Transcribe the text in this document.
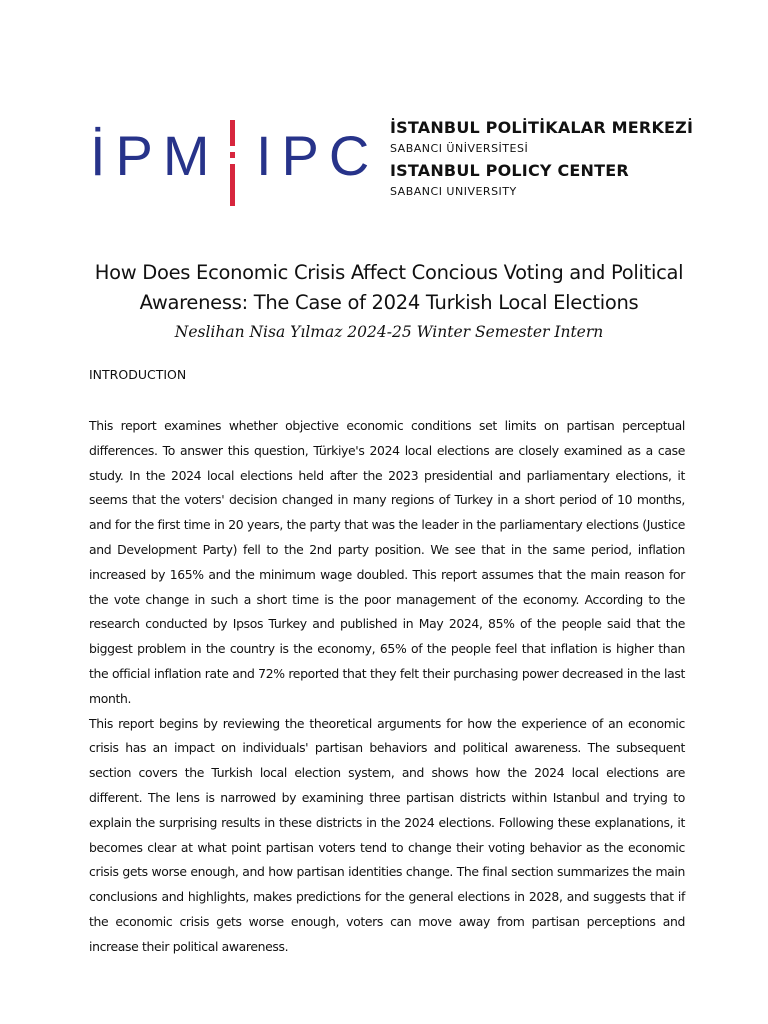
İPM IPC İSTANBUL POLİTİKALAR MERKEZİ
SABANCI ÜNİVERSİTESİ
ISTANBUL POLICY CENTER
SABANCI UNIVERSITY
How Does Economic Crisis Affect Concious Voting and Political Awareness: The Case of 2024 Turkish Local Elections
Neslihan Nisa Yılmaz 2024-25 Winter Semester Intern
INTRODUCTION

This report examines whether objective economic conditions set limits on partisan perceptual differences. To answer this question, Türkiye's 2024 local elections are closely examined as a case study. In the 2024 local elections held after the 2023 presidential and parliamentary elections, it seems that the voters' decision changed in many regions of Turkey in a short period of 10 months, and for the first time in 20 years, the party that was the leader in the parliamentary elections (Justice and Development Party) fell to the 2nd party position. We see that in the same period, inflation increased by 165% and the minimum wage doubled. This report assumes that the main reason for the vote change in such a short time is the poor management of the economy. According to the research conducted by Ipsos Turkey and published in May 2024, 85% of the people said that the biggest problem in the country is the economy, 65% of the people feel that inflation is higher than the official inflation rate and 72% reported that they felt their purchasing power decreased in the last month.

This report begins by reviewing the theoretical arguments for how the experience of an economic crisis has an impact on individuals' partisan behaviors and political awareness. The subsequent section covers the Turkish local election system, and shows how the 2024 local elections are different. The lens is narrowed by examining three partisan districts within Istanbul and trying to explain the surprising results in these districts in the 2024 elections. Following these explanations, it becomes clear at what point partisan voters tend to change their voting behavior as the economic crisis gets worse enough, and how partisan identities change. The final section summarizes the main conclusions and highlights, makes predictions for the general elections in 2028, and suggests that if the economic crisis gets worse enough, voters can move away from partisan perceptions and increase their political awareness.
